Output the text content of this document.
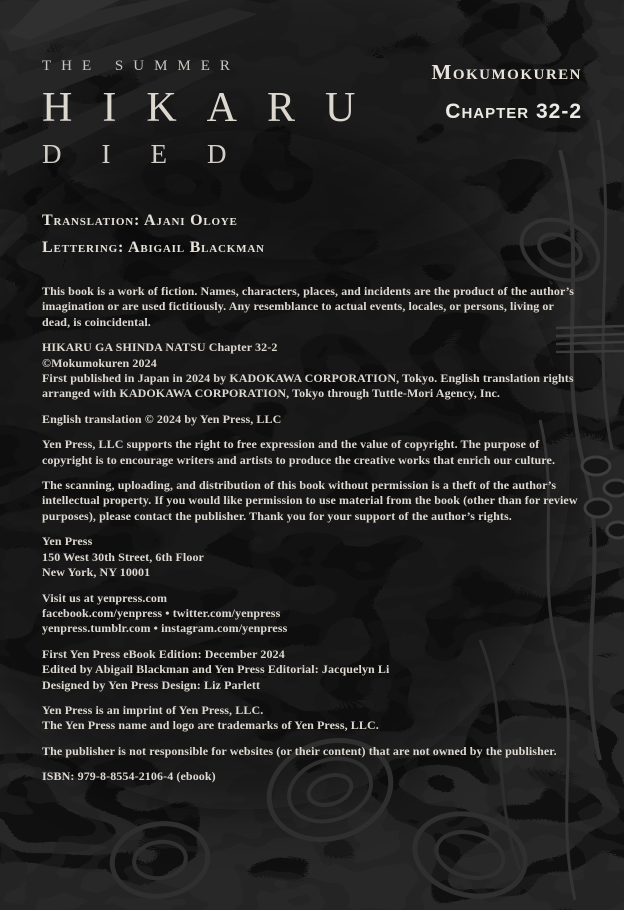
THE SUMMER
HIKARU
DIED
Mokumokuren
Chapter 32-2
Translation: Ajani Oloye
Lettering: Abigail Blackman
This book is a work of fiction. Names, characters, places, and incidents are the product of the author’s imagination or are used fictitiously. Any resemblance to actual events, locales, or persons, living or dead, is coincidental.
HIKARU GA SHINDA NATSU Chapter 32-2
©Mokumokuren 2024
First published in Japan in 2024 by KADOKAWA CORPORATION, Tokyo. English translation rights arranged with KADOKAWA CORPORATION, Tokyo through Tuttle-Mori Agency, Inc.
English translation © 2024 by Yen Press, LLC
Yen Press, LLC supports the right to free expression and the value of copyright. The purpose of copyright is to encourage writers and artists to produce the creative works that enrich our culture.
The scanning, uploading, and distribution of this book without permission is a theft of the author’s intellectual property. If you would like permission to use material from the book (other than for review purposes), please contact the publisher. Thank you for your support of the author’s rights.
Yen Press
150 West 30th Street, 6th Floor
New York, NY 10001
Visit us at yenpress.com
facebook.com/yenpress • twitter.com/yenpress
yenpress.tumblr.com • instagram.com/yenpress
First Yen Press eBook Edition: December 2024
Edited by Abigail Blackman and Yen Press Editorial: Jacquelyn Li
Designed by Yen Press Design: Liz Parlett
Yen Press is an imprint of Yen Press, LLC.
The Yen Press name and logo are trademarks of Yen Press, LLC.
The publisher is not responsible for websites (or their content) that are not owned by the publisher.
ISBN: 979-8-8554-2106-4 (ebook)
